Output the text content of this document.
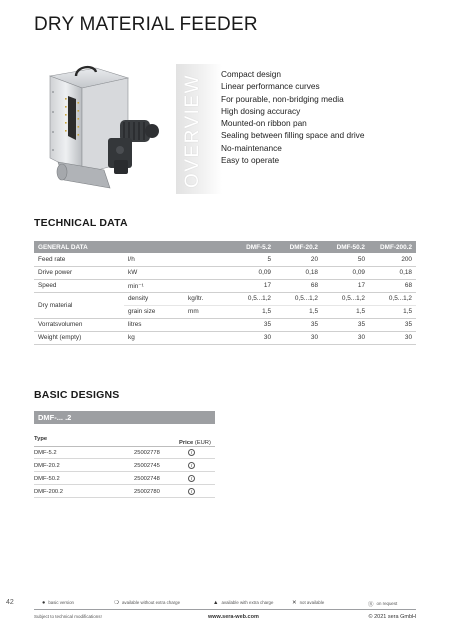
DRY MATERIAL FEEDER
OVERVIEW Compact design
Linear performance curves
For pourable, non-bridging media
High dosing accuracy
Mounted-on ribbon pan
Sealing between filling space and drive
No-maintenance
Easy to operate
TECHNICAL DATA
GENERAL DATA			DMF-5.2	DMF-20.2	DMF-50.2	DMF-200.2
Feed rate	l/h		5	20	50	200
Drive power	kW		0,09	0,18	0,09	0,18
Speed	min⁻¹		17	68	17	68
Dry material	density	kg/ltr.	0,5...1,2	0,5...1,2	0,5...1,2	0,5...1,2
	grain size	mm	1,5	1,5	1,5	1,5
Vorratsvolumen	litres		35	35	35	35
Weight (empty)	kg		30	30	30	30
BASIC DESIGNS
DMF-... .2
Type
Price (EUR)
DMF-5.2	25002778	r
DMF-20.2	25002745	r
DMF-50.2	25002748	r
DMF-200.2	25002780	r
42	● basic version	❍ available without extra charge	▲ available with extra charge	✕ not available	Ⓡ on request
Subject to technical modifications!	www.sera-web.com	© 2021 sera GmbH
